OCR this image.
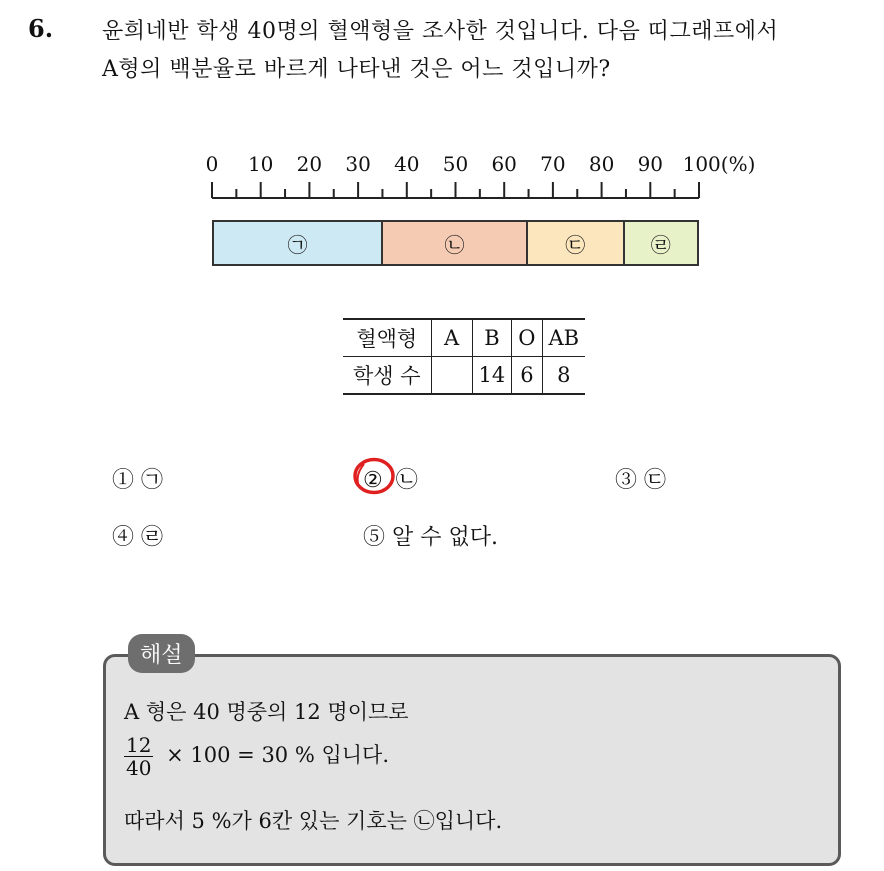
6. 윤희네반 학생 40명의 혈액형을 조사한 것입니다. 다음 띠그래프에서
A형의 백분율로 바르게 나타낸 것은 어느 것입니까?
0 10 20 30 40 50 60 70 80 90 100(%)
㉠	㉡	㉢	㉣
혈액형	A	B	O	AB
학생 수		14	6	8
① ㉠	② ㉡	③ ㉢
④ ㉣	⑤ 알 수 없다.
해설
A 형은 40 명중의 12 명이므로
$\frac{12}{40} \times 100 = 30$ % 입니다.
따라서 5 %가 6칸 있는 기호는 ㉡입니다.
